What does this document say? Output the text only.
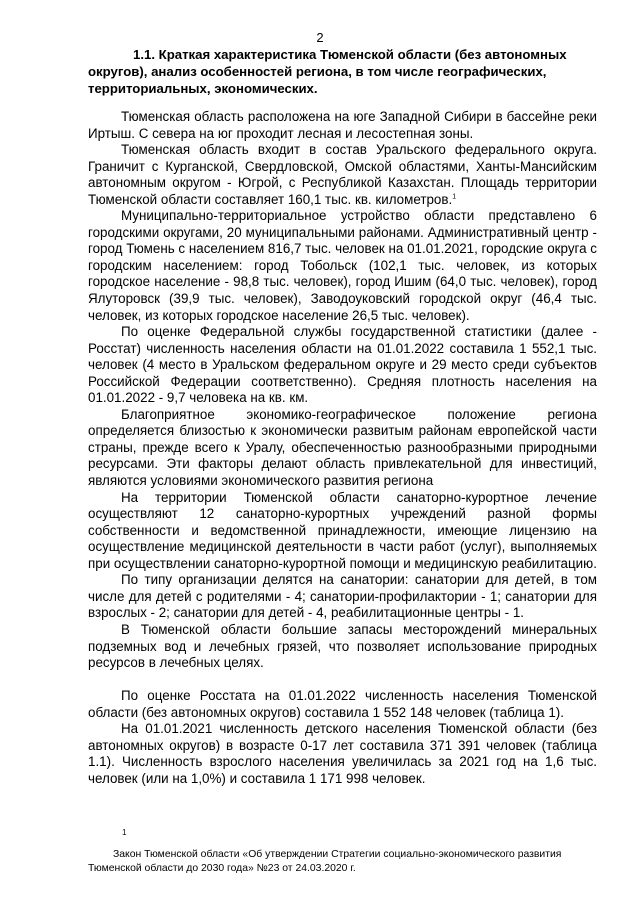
2
1.1. Краткая характеристика Тюменской области (без автономных
округов), анализ особенностей региона, в том числе географических,
территориальных, экономических.

Тюменская область расположена на юге Западной Сибири в бассейне реки Иртыш. С севера на юг проходит лесная и лесостепная зоны.

Тюменская область входит в состав Уральского федерального округа. Граничит с Курганской, Свердловской, Омской областями, Ханты-Мансийским автономным округом - Югрой, с Республикой Казахстан. Площадь территории Тюменской области составляет 160,1 тыс. кв. километров.$^1$

Муниципально-территориальное устройство области представлено 6 городскими округами, 20 муниципальными районами. Административный центр - город Тюмень с населением 816,7 тыс. человек на 01.01.2021, городские округа с городским населением: город Тобольск (102,1 тыс. человек, из которых городское население - 98,8 тыс. человек), город Ишим (64,0 тыс. человек), город Ялуторовск (39,9 тыс. человек), Заводоуковский городской округ (46,4 тыс. человек, из которых городское население 26,5 тыс. человек).

По оценке Федеральной службы государственной статистики (далее - Росстат) численность населения области на 01.01.2022 составила 1 552,1 тыс. человек (4 место в Уральском федеральном округе и 29 место среди субъектов Российской Федерации соответственно). Средняя плотность населения на 01.01.2022 - 9,7 человека на кв. км.

Благоприятное экономико-географическое положение региона определяется близостью к экономически развитым районам европейской части страны, прежде всего к Уралу, обеспеченностью разнообразными природными ресурсами. Эти факторы делают область привлекательной для инвестиций, являются условиями экономического развития региона

На территории Тюменской области санаторно-курортное лечение осуществляют 12 санаторно-курортных учреждений разной формы собственности и ведомственной принадлежности, имеющие лицензию на осуществление медицинской деятельности в части работ (услуг), выполняемых при осуществлении санаторно-курортной помощи и медицинскую реабилитацию.

По типу организации делятся на санатории: санатории для детей, в том числе для детей с родителями - 4; санатории-профилактории - 1; санатории для взрослых - 2; санатории для детей - 4, реабилитационные центры - 1.

В Тюменской области большие запасы месторождений минеральных подземных вод и лечебных грязей, что позволяет использование природных ресурсов в лечебных целях.

По оценке Росстата на 01.01.2022 численность населения Тюменской области (без автономных округов) составила 1 552 148 человек (таблица 1).

На 01.01.2021 численность детского населения Тюменской области (без автономных округов) в возрасте 0-17 лет составила 371 391 человек (таблица 1.1). Численность взрослого населения увеличилась за 2021 год на 1,6 тыс. человек (или на 1,0%) и составила 1 171 998 человек.

1
Закон Тюменской области «Об утверждении Стратегии социально-экономического развития
Тюменской области до 2030 года» №23 от 24.03.2020 г.
